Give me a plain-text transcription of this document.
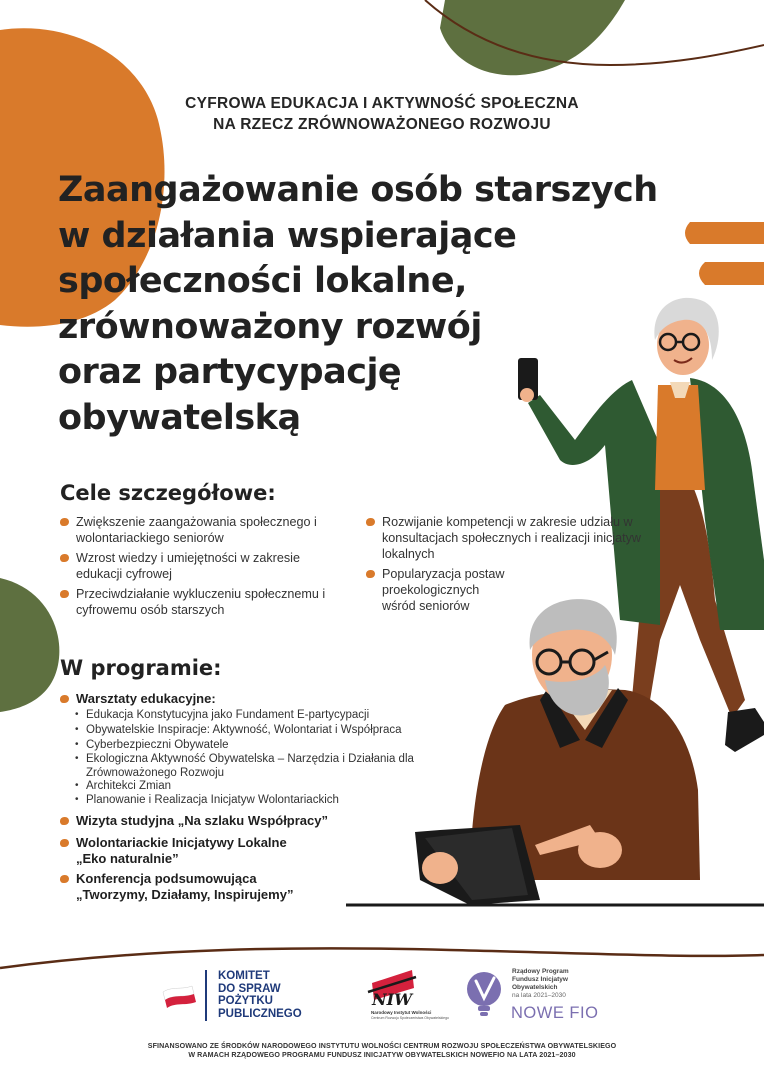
CYFROWA EDUKACJA I AKTYWNOŚĆ SPOŁECZNA
NA RZECZ ZRÓWNOWAŻONEGO ROZWOJU
Zaangażowanie osób starszych
w działania wspierające
społeczności lokalne,
zrównoważony rozwój
oraz partycypację
obywatelską
Cele szczegółowe:
Zwiększenie zaangażowania społecznego i wolontariackiego seniorów
Wzrost wiedzy i umiejętności w zakresie edukacji cyfrowej
Przeciwdziałanie wykluczeniu społecznemu i cyfrowemu osób starszych
Rozwijanie kompetencji w zakresie udziału w konsultacjach społecznych i realizacji inicjatyw lokalnych
Popularyzacja postaw proekologicznych wśród seniorów
W programie:
Warsztaty edukacyjne:
• Edukacja Konstytucyjna jako Fundament E-partycypacji
• Obywatelskie Inspiracje: Aktywność, Wolontariat i Współpraca
• Cyberbezpieczni Obywatele
• Ekologiczna Aktywność Obywatelska – Narzędzia i Działania dla Zrównoważonego Rozwoju
• Architekci Zmian
• Planowanie i Realizacja Inicjatyw Wolontariackich
Wizyta studyjna „Na szlaku Współpracy”
Wolontariackie Inicjatywy Lokalne
„Eko naturalnie”
Konferencja podsumowująca
„Tworzymy, Działamy, Inspirujemy”
KOMITET
DO SPRAW
POŻYTKU
PUBLICZNEGO
NIW
Narodowy Instytut Wolności
Centrum Rozwoju Społeczeństwa Obywatelskiego
Rządowy Program
Fundusz Inicjatyw
Obywatelskich
na lata 2021–2030
NOWE FIO
SFINANSOWANO ZE ŚRODKÓW NARODOWEGO INSTYTUTU WOLNOŚCI CENTRUM ROZWOJU SPOŁECZEŃSTWA OBYWATELSKIEGO
W RAMACH RZĄDOWEGO PROGRAMU FUNDUSZ INICJATYW OBYWATELSKICH NOWEFIO NA LATA 2021–2030
